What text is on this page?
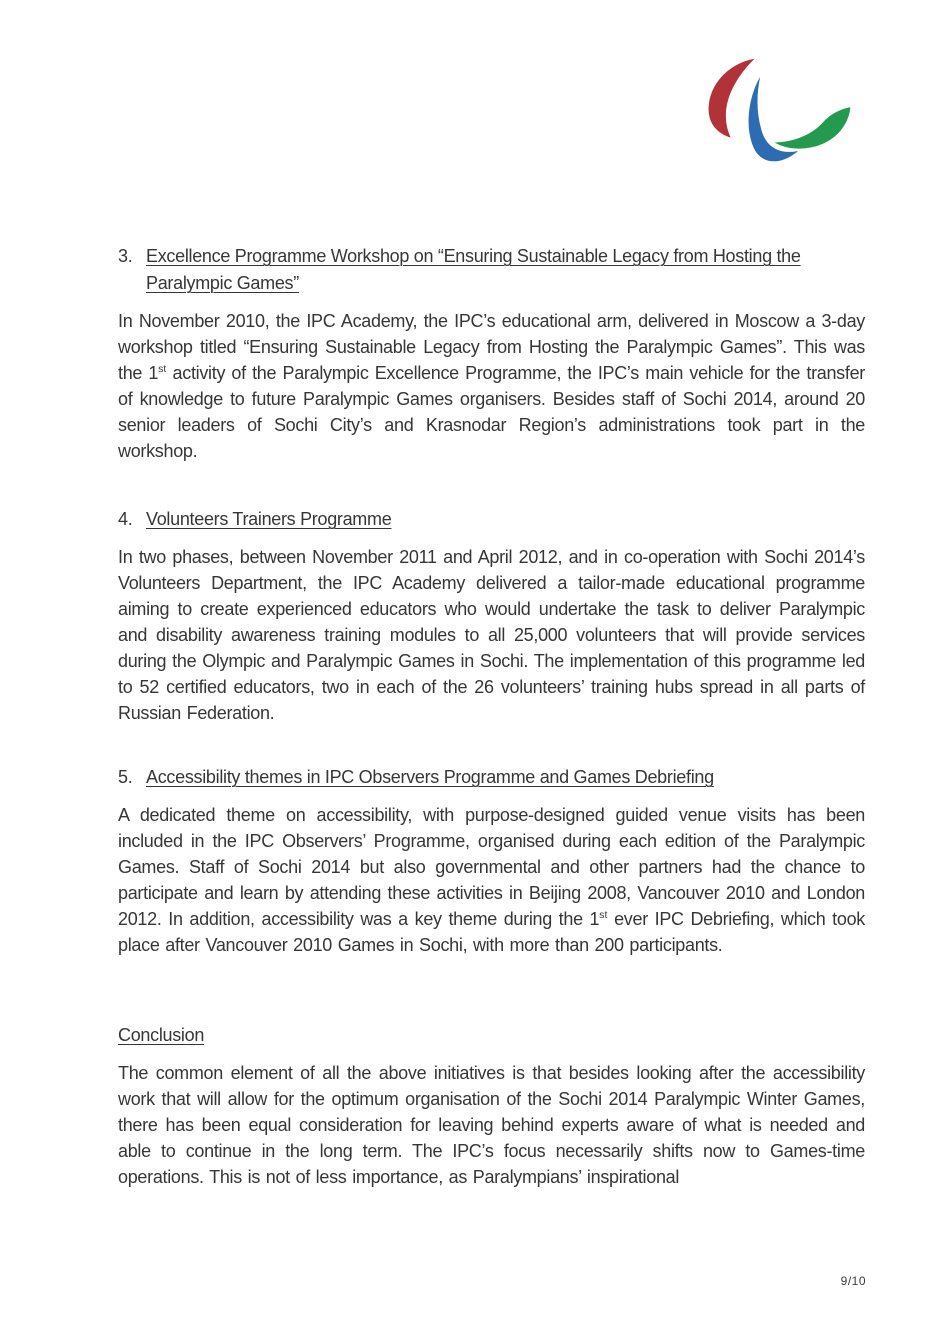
3. Excellence Programme Workshop on “Ensuring Sustainable Legacy from Hosting the Paralympic Games”

In November 2010, the IPC Academy, the IPC’s educational arm, delivered in Moscow a 3-day workshop titled “Ensuring Sustainable Legacy from Hosting the Paralympic Games”. This was the 1st activity of the Paralympic Excellence Programme, the IPC’s main vehicle for the transfer of knowledge to future Paralympic Games organisers. Besides staff of Sochi 2014, around 20 senior leaders of Sochi City’s and Krasnodar Region’s administrations took part in the workshop.

4. Volunteers Trainers Programme

In two phases, between November 2011 and April 2012, and in co-operation with Sochi 2014’s Volunteers Department, the IPC Academy delivered a tailor-made educational programme aiming to create experienced educators who would undertake the task to deliver Paralympic and disability awareness training modules to all 25,000 volunteers that will provide services during the Olympic and Paralympic Games in Sochi. The implementation of this programme led to 52 certified educators, two in each of the 26 volunteers’ training hubs spread in all parts of Russian Federation.

5. Accessibility themes in IPC Observers Programme and Games Debriefing

A dedicated theme on accessibility, with purpose-designed guided venue visits has been included in the IPC Observers’ Programme, organised during each edition of the Paralympic Games. Staff of Sochi 2014 but also governmental and other partners had the chance to participate and learn by attending these activities in Beijing 2008, Vancouver 2010 and London 2012. In addition, accessibility was a key theme during the 1st ever IPC Debriefing, which took place after Vancouver 2010 Games in Sochi, with more than 200 participants.

Conclusion

The common element of all the above initiatives is that besides looking after the accessibility work that will allow for the optimum organisation of the Sochi 2014 Paralympic Winter Games, there has been equal consideration for leaving behind experts aware of what is needed and able to continue in the long term. The IPC’s focus necessarily shifts now to Games-time operations. This is not of less importance, as Paralympians’ inspirational

9/10
